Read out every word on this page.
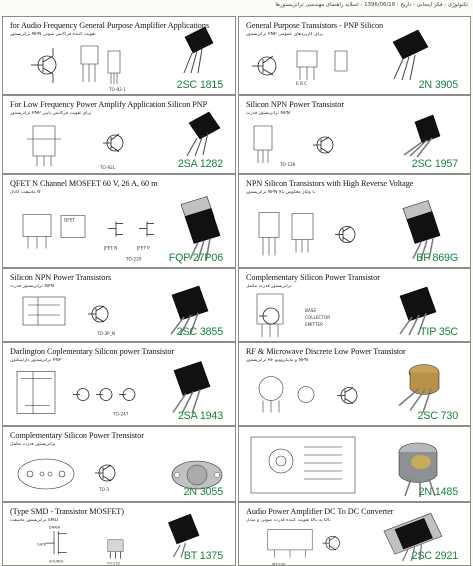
تکنولوژی - فکر اینجانی - تاریخ : 1396/06/18 - اسلاید راهنمای مهندسی ترانزیستورها
for Audio Frequency General Purpose Amplifier Applications
ترانزیستور NPN تقویت کننده فرکانس صوتی
TO-92-1	2SC 1815
General Purpose Transistors - PNP Silicon
ترانزیستور PNP برای کاربردهای عمومی
E B C	2N 3905
For Low Frequency Power Amplify Application Silicon PNP
ترانزیستور PNP برای تقویت فرکانس پایین
TO-92L	2SA 1282
Silicon NPN Power Transistor
ترانزیستور قدرت NPN
TO-126	2SC 1957
QFET N Channel MOSFET 60 V, 26 A, 60 m
ماسفت کانال N
QFET
JFET N	JFET P
TO-220	FQP 27P06
NPN Silicon Transistors with High Reverse Voltage
ترانزیستور NPN با ولتاژ معکوس بالا
BF 869G
Silicon NPN Power Transistors
ترانزیستور قدرت NPN
TO-3P_N	2SC 3855
Complementary Silicon Power Transistor
ترانزیستور قدرت مکمل
BASE
COLLECTOR
EMITTER
TIP 35C
Darlington Coplementary Silicon power Transistor
ترانزیستور دارلینگتون PNP
TO-247	2SA 1943
RF & Microwave Discrete Low Power Transistor
ترانزیستور RF و مایکروویو NPN
2SC 730
Complementary Silicon Power Trensistor
ترانزیستور قدرت مکمل
TO-3	2N 3055	2N 1485
(Type SMD - Transistor MOSFET)
ترانزیستور ماسفت SMD
DRAIN
GATE
SOURCE	TO-252
BT 1375
Audio Power Amplifier DC To DC Converter
تقویت کننده قدرت صوتی و مبدل DC به DC
MT-200
2SC 2921
